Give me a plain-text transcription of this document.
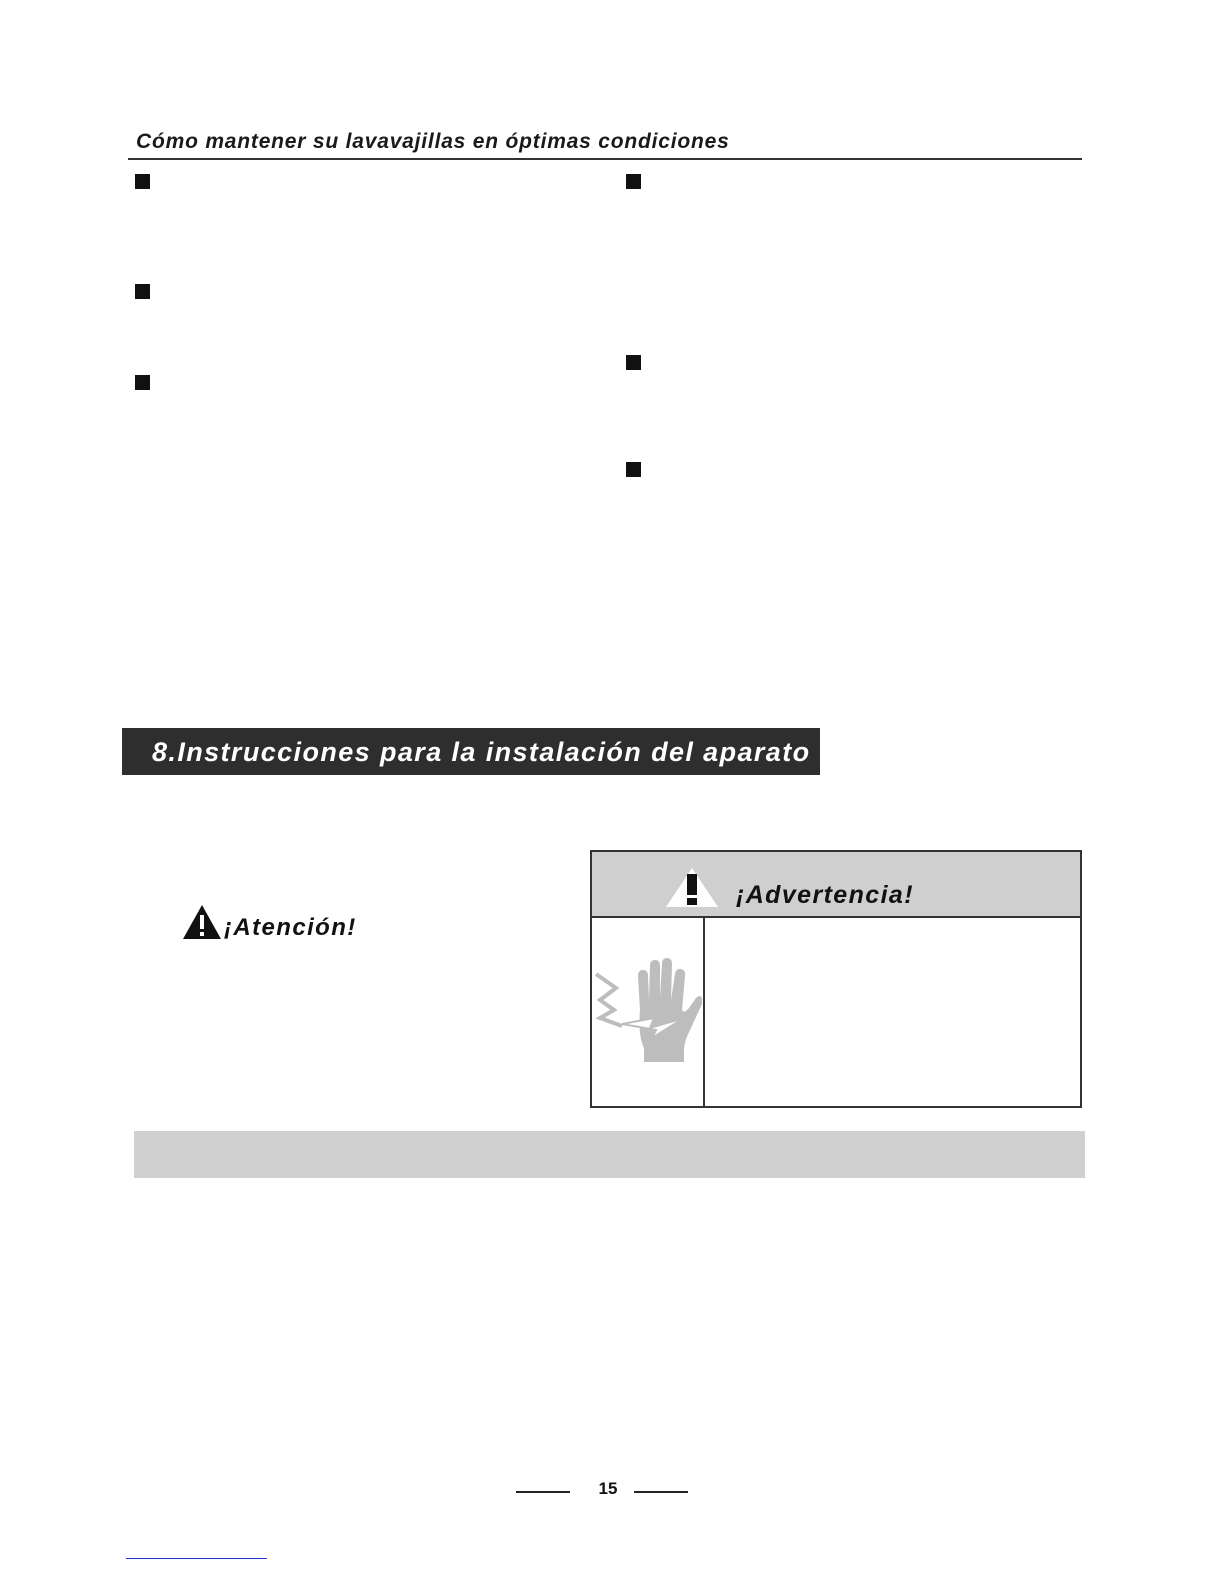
Cómo mantener su lavavajillas en óptimas condiciones
8.Instrucciones para la instalación del aparato
¡Atención!
¡Advertencia!
15
